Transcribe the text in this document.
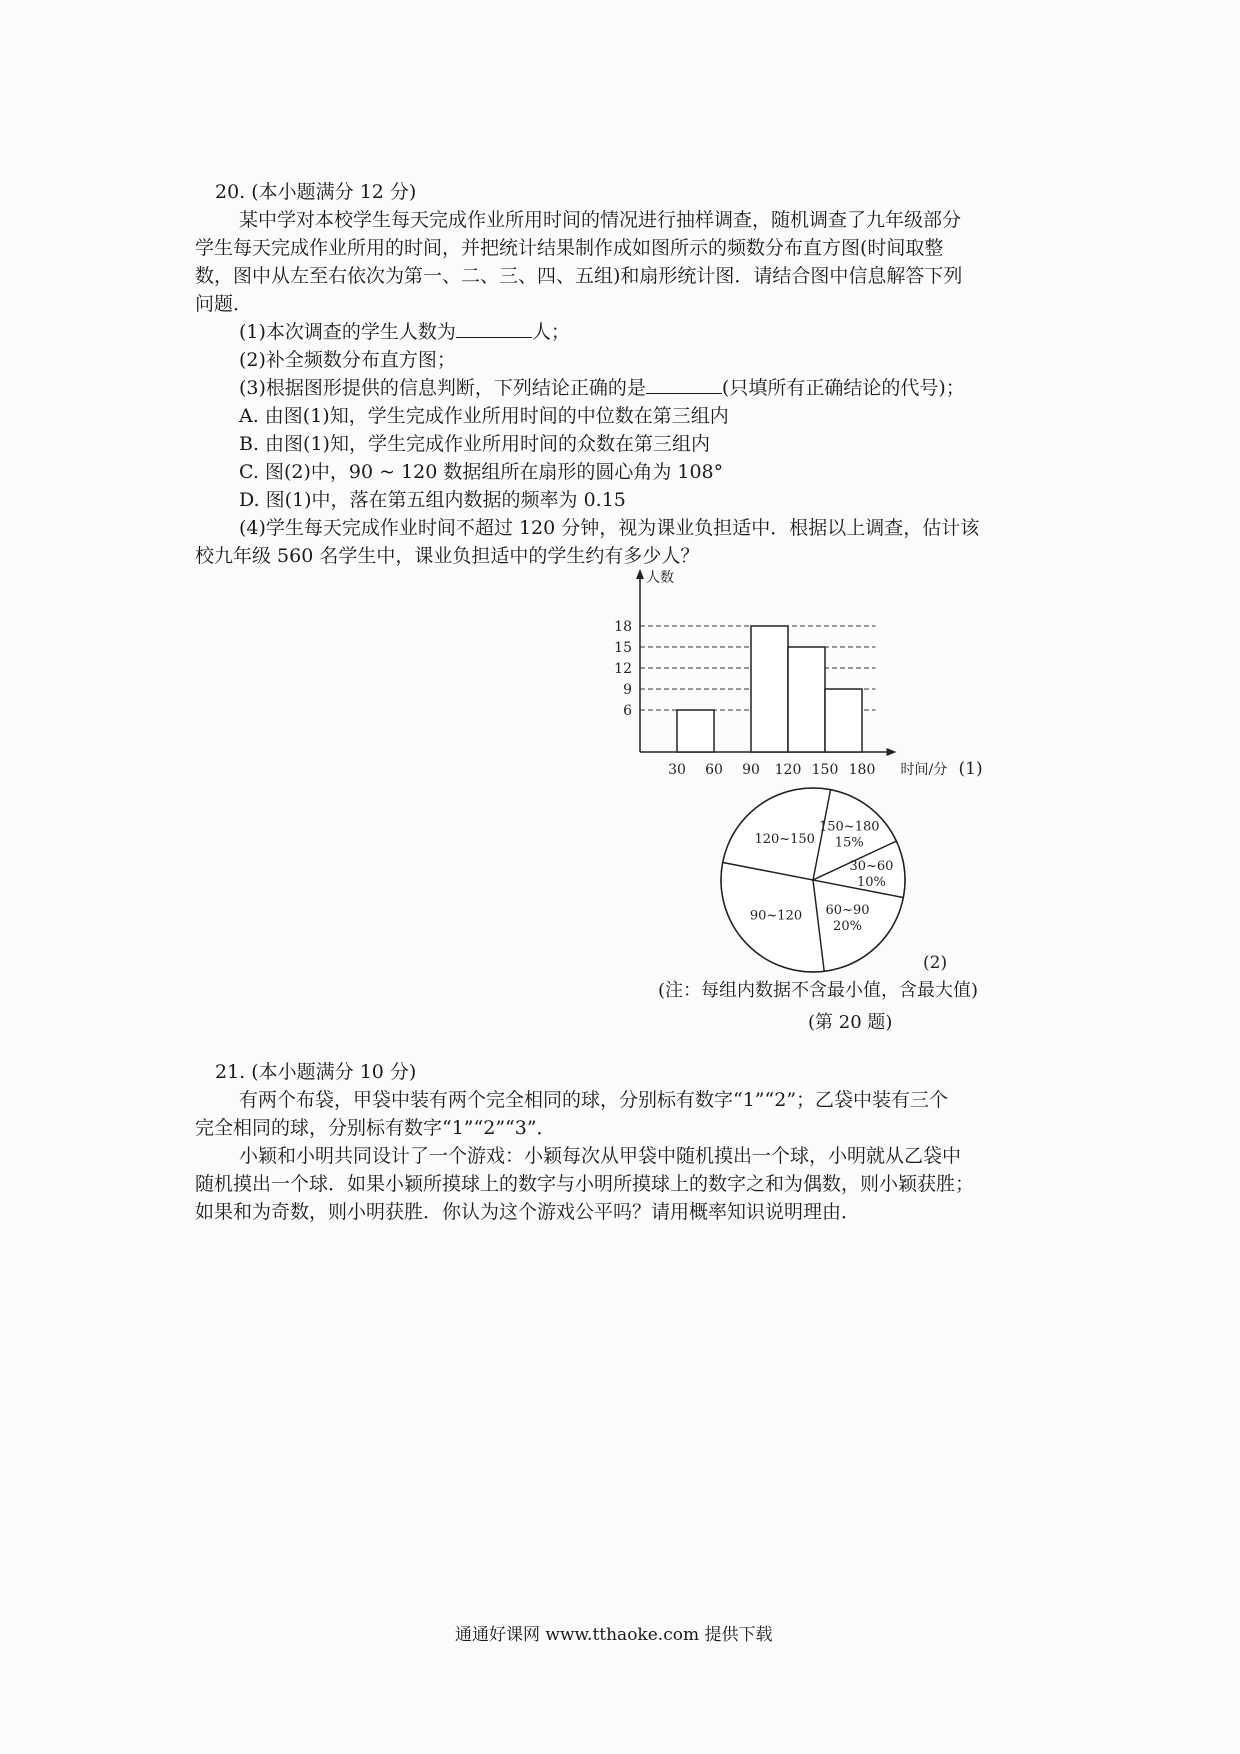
20. (本小题满分 12 分)
某中学对本校学生每天完成作业所用时间的情况进行抽样调查，随机调查了九年级部分
学生每天完成作业所用的时间，并把统计结果制作成如图所示的频数分布直方图(时间取整
数，图中从左至右依次为第一、二、三、四、五组)和扇形统计图．请结合图中信息解答下列
问题．
(1)本次调查的学生人数为	人；
(2)补全频数分布直方图；
(3)根据图形提供的信息判断，下列结论正确的是	(只填所有正确结论的代号)；
A. 由图(1)知，学生完成作业所用时间的中位数在第三组内
B. 由图(1)知，学生完成作业所用时间的众数在第三组内
C. 图(2)中，90 ~ 120 数据组所在扇形的圆心角为 108°
D. 图(1)中，落在第五组内数据的频率为 0.15
(4)学生每天完成作业时间不超过 120 分钟，视为课业负担适中．根据以上调查，估计该
校九年级 560 名学生中，课业负担适中的学生约有多少人？
人数
6
9
12
15
18
30 60 90 120 150 180 时间/分 (1)
30~60
10%
60~90
20%
90~120
120~150
150~180
15%
(2)
(注：每组内数据不含最小值，含最大值)
(第 20 题)
21. (本小题满分 10 分)
有两个布袋，甲袋中装有两个完全相同的球，分别标有数字“1”“2”；乙袋中装有三个
完全相同的球，分别标有数字“1”“2”“3”．
小颖和小明共同设计了一个游戏：小颖每次从甲袋中随机摸出一个球，小明就从乙袋中
随机摸出一个球．如果小颖所摸球上的数字与小明所摸球上的数字之和为偶数，则小颖获胜；
如果和为奇数，则小明获胜．你认为这个游戏公平吗？请用概率知识说明理由．
通通好课网 www.tthaoke.com 提供下载
